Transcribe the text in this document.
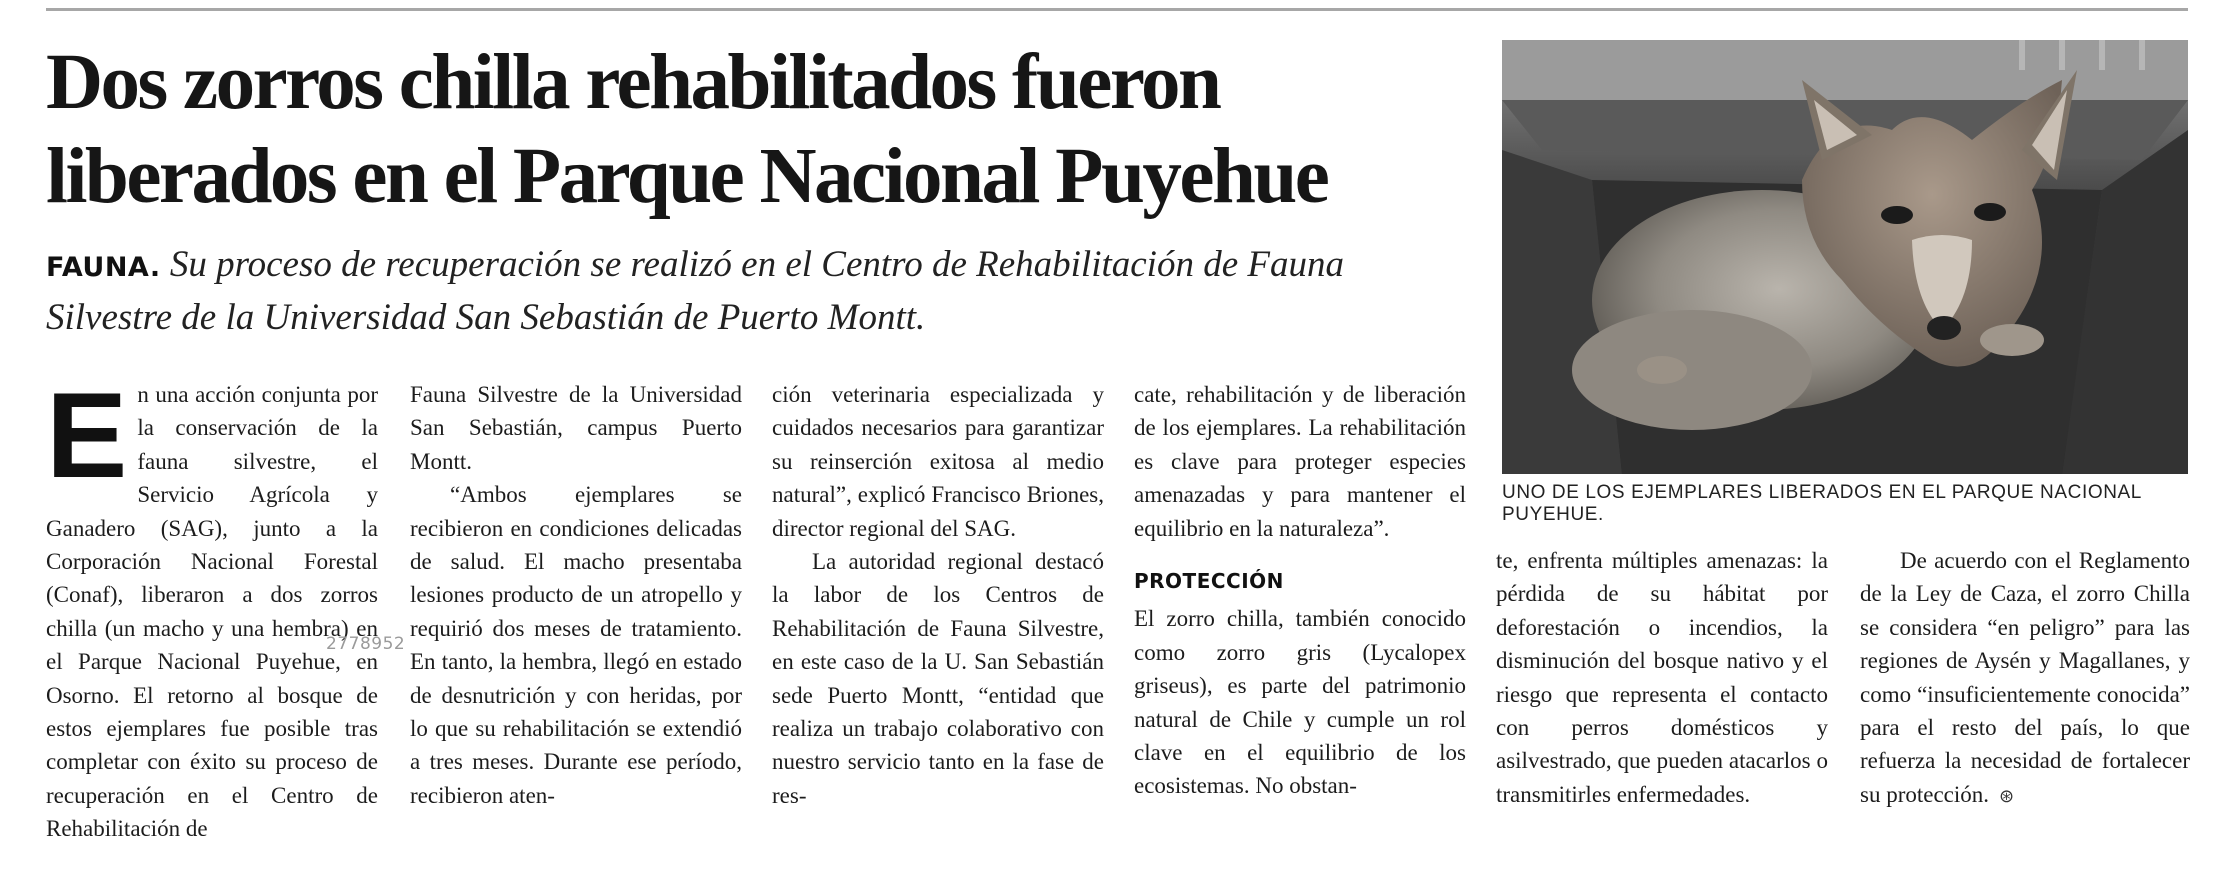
Dos zorros chilla rehabilitados fueron liberados en el Parque Nacional Puyehue
FAUNA. Su proceso de recuperación se realizó en el Centro de Rehabilitación de Fauna Silvestre de la Universidad San Sebastián de Puerto Montt.

E n una acción conjunta por la conservación de la fauna silvestre, el Servicio Agrícola y Ganadero (SAG), junto a la Corporación Nacional Forestal (Conaf), liberaron a dos zorros chilla (un macho y una hembra) en el Parque Nacional Puyehue, en Osorno. El retorno al bosque de estos ejemplares fue posible tras completar con éxito su proceso de recuperación en el Centro de Rehabilitación de

2778952

Fauna Silvestre de la Universidad San Sebastián, campus Puerto Montt.

“Ambos ejemplares se recibieron en condiciones delicadas de salud. El macho presentaba lesiones producto de un atropello y requirió dos meses de tratamiento. En tanto, la hembra, llegó en estado de desnutrición y con heridas, por lo que su rehabilitación se extendió a tres meses. Durante ese período, recibieron aten-

ción veterinaria especializada y cuidados necesarios para garantizar su reinserción exitosa al medio natural”, explicó Francisco Briones, director regional del SAG.

La autoridad regional destacó la labor de los Centros de Rehabilitación de Fauna Silvestre, en este caso de la U. San Sebastián sede Puerto Montt, “entidad que realiza un trabajo colaborativo con nuestro servicio tanto en la fase de res-

cate, rehabilitación y de liberación de los ejemplares. La rehabilitación es clave para proteger especies amenazadas y para mantener el equilibrio en la naturaleza”.

PROTECCIÓN

El zorro chilla, también conocido como zorro gris (Lycalopex griseus), es parte del patrimonio natural de Chile y cumple un rol clave en el equilibrio de los ecosistemas. No obstan-

te, enfrenta múltiples amenazas: la pérdida de su hábitat por deforestación o incendios, la disminución del bosque nativo y el riesgo que representa el contacto con perros domésticos y asilvestrado, que pueden atacarlos o transmitirles enfermedades.

De acuerdo con el Reglamento de la Ley de Caza, el zorro Chilla se considera “en peligro” para las regiones de Aysén y Magallanes, y como “insuficientemente conocida” para el resto del país, lo que refuerza la necesidad de fortalecer su protección. ⊛

UNO DE LOS EJEMPLARES LIBERADOS EN EL PARQUE NACIONAL PUYEHUE.
